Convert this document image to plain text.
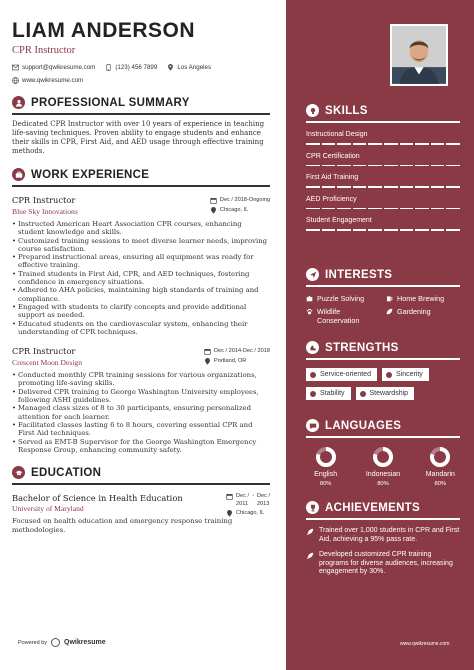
LIAM ANDERSON
CPR Instructor
support@qwikresume.com	(123) 456 7899	Los Angeles
www.qwikresume.com
PROFESSIONAL SUMMARY

Dedicated CPR Instructor with over 10 years of experience in teaching life-saving techniques. Proven ability to engage students and enhance their skills in CPR, First Aid, and AED usage through effective training methods.

WORK EXPERIENCE
CPR Instructor
Blue Sky Innovations
Dec / 2018-Ongoing
Chicago, IL
• Instructed American Heart Association CPR courses, enhancing student knowledge and skills.
• Customized training sessions to meet diverse learner needs, improving course satisfaction.
• Prepared instructional areas, ensuring all equipment was ready for effective training.
• Trained students in First Aid, CPR, and AED techniques, fostering confidence in emergency situations.
• Adhered to AHA policies, maintaining high standards of training and compliance.
• Engaged with students to clarify concepts and provide additional support as needed.
• Educated students on the cardiovascular system, enhancing their understanding of CPR techniques.
CPR Instructor
Crescent Moon Design
Dec / 2014-Dec / 2018
Portland, OR
• Conducted monthly CPR training sessions for various organizations, promoting life-saving skills.
• Delivered CPR training to George Washington University employees, following ASHI guidelines.
• Managed class sizes of 8 to 30 participants, ensuring personalized attention for each learner.
• Facilitated classes lasting 6 to 8 hours, covering essential CPR and First Aid techniques.
• Served as EMT-B Supervisor for the George Washington Emergency Response Group, enhancing community safety.
EDUCATION
Bachelor of Science in Health Education
University of Maryland
Dec /
2011
- Dec /
2013
Chicago, IL

Focused on health education and emergency response training methodologies.

SKILLS
Instructional Design
CPR Certification
First Aid Training
AED Proficiency
Student Engagement
INTERESTS
Puzzle Solving	Home Brewing
Wildlife Conservation
Gardening
STRENGTHS
Service-oriented	Sincerity
Stability	Stewardship
LANGUAGES
English
80%
Indonesian
80%
Mandarin
80%
ACHIEVEMENTS
Trained over 1,000 students in CPR and First Aid, achieving a 95% pass rate.
Developed customized CPR training programs for diverse audiences, increasing engagement by 30%.
Powered by Qwikresume	www.qwikresume.com
